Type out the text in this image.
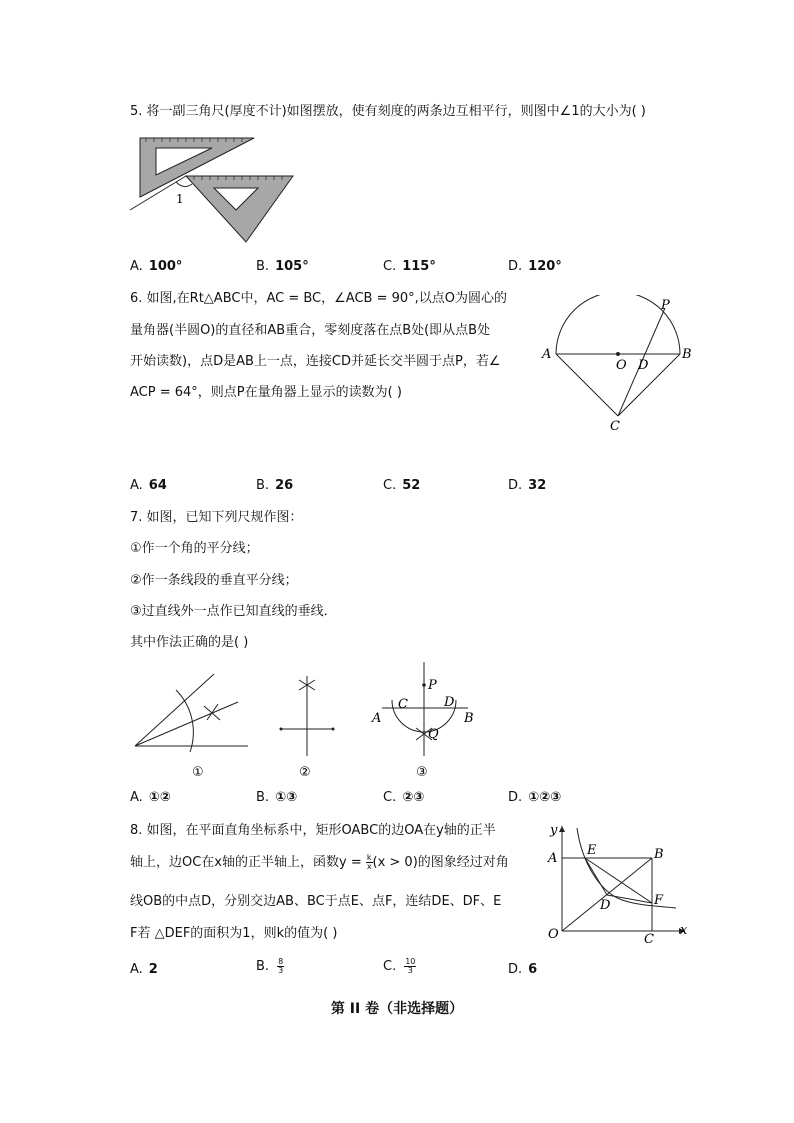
5. 将一副三角尺(厚度不计)如图摆放，使有刻度的两条边互相平行，则图中∠1的大小为( )
1
A. 100°	B. 105°	C. 115°	D. 120°
6. 如图,在Rt△ABC中，AC = BC，∠ACB = 90°,以点O为圆心的
量角器(半圆O)的直径和AB重合，零刻度落在点B处(即从点B处
开始读数)，点D是AB上一点，连接CD并延长交半圆于点P，若∠
ACP = 64°，则点P在量角器上显示的读数为( )
P
A
O D
B
C
A. 64	B. 26	C. 52	D. 32
7. 如图，已知下列尺规作图：
①作一个角的平分线；
②作一条线段的垂直平分线；
③过直线外一点作已知直线的垂线．
其中作法正确的是( )
①	②
P
C	D
A	B
Q
③
A. ①②	B. ①③	C. ②③	D. ①②③
8. 如图，在平面直角坐标系中，矩形OABC的边OA在y轴的正半
轴上，边OC在x轴的正半轴上，函数$y = \frac{k}{x} (x > 0)$的图象经过对角
线OB的中点D，分别交边AB、BC于点E、点F，连结DE、DF、E
F若 △DEF的面积为1，则k的值为( )
y
A
E	B
D	F
O	C
x
A. 2	B. $\frac{8}{3}$	C. $\frac{10}{3}$	D. 6
第 II 卷（非选择题）
